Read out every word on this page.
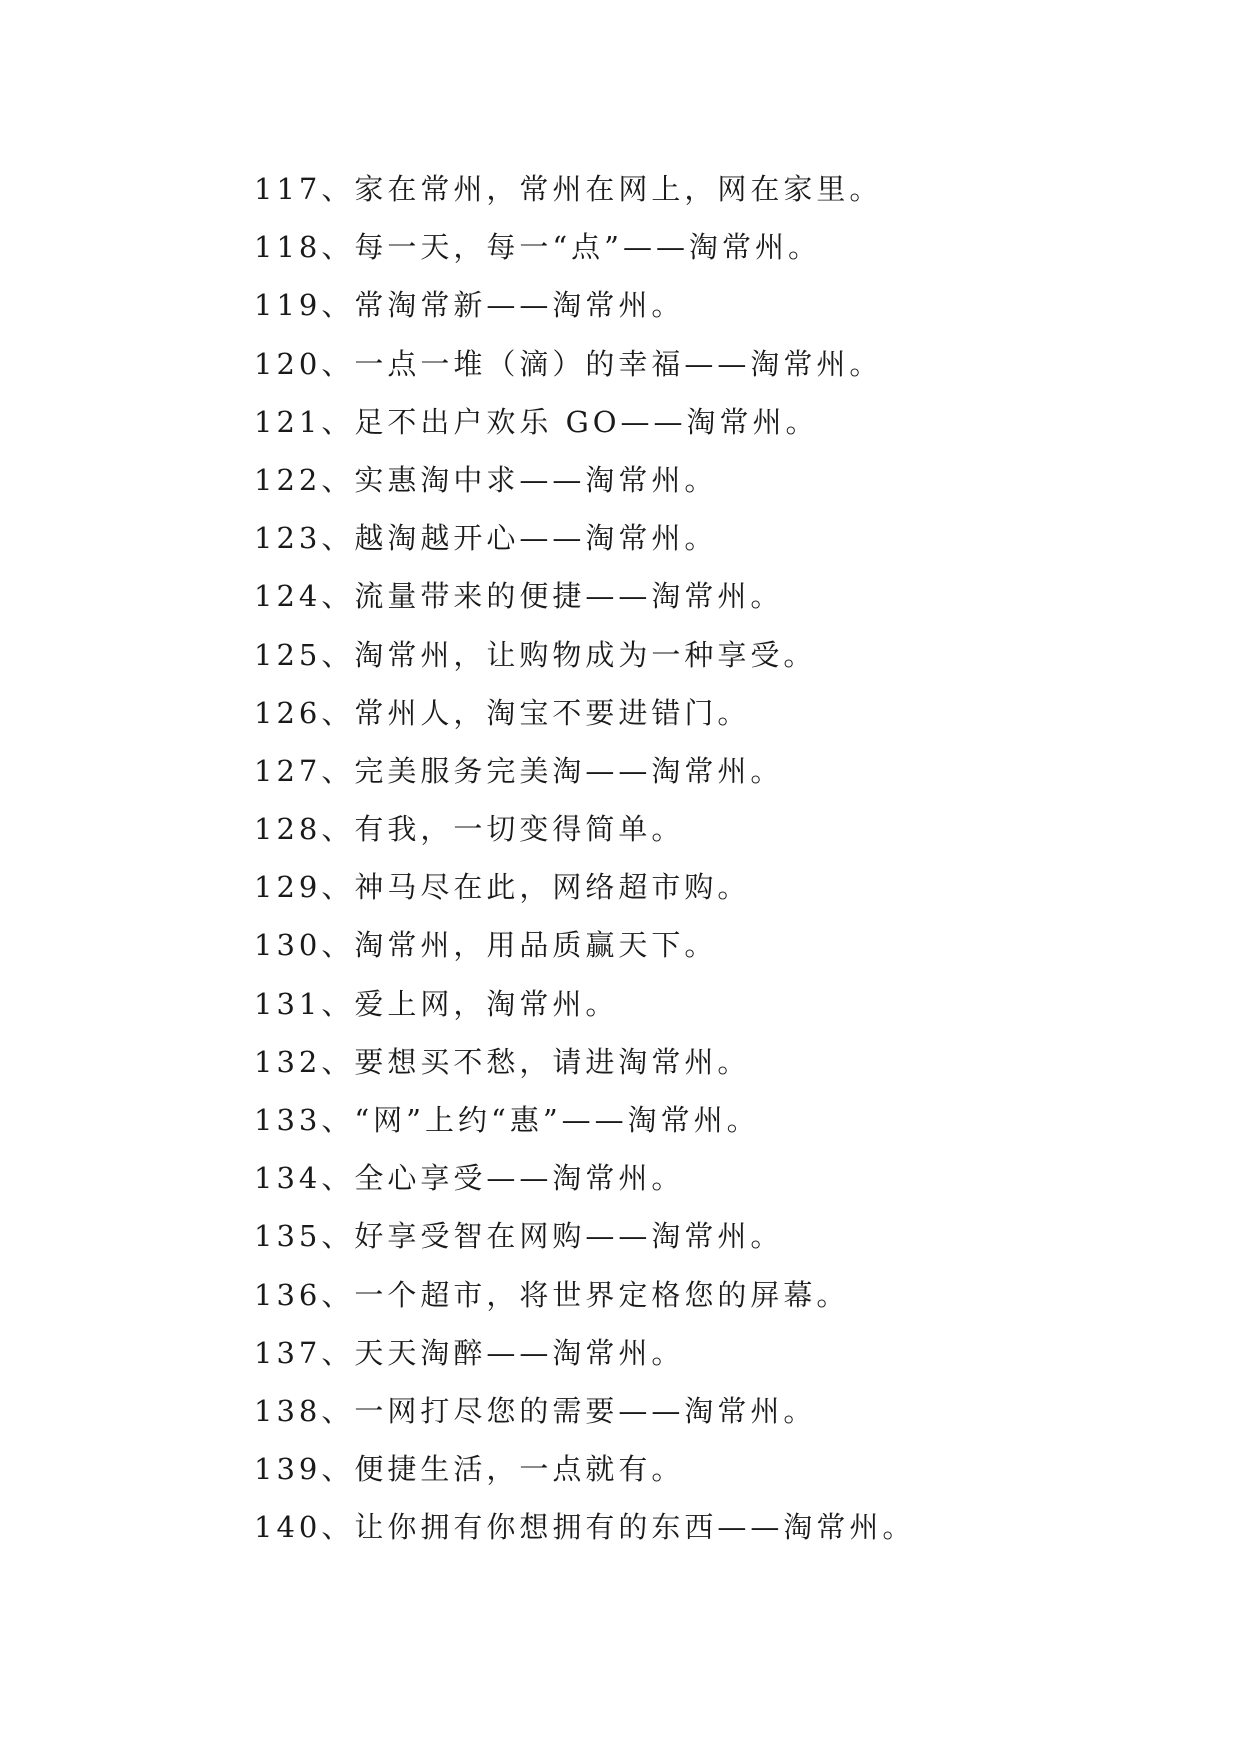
117、家在常州，常州在网上，网在家里。
118、每一天，每一“点”——淘常州。
119、常淘常新——淘常州。
120、一点一堆（滴）的幸福——淘常州。
121、足不出户欢乐 GO——淘常州。
122、实惠淘中求——淘常州。
123、越淘越开心——淘常州。
124、流量带来的便捷——淘常州。
125、淘常州，让购物成为一种享受。
126、常州人，淘宝不要进错门。
127、完美服务完美淘——淘常州。
128、有我，一切变得简单。
129、神马尽在此，网络超市购。
130、淘常州，用品质赢天下。
131、爱上网，淘常州。
132、要想买不愁，请进淘常州。
133、“网”上约“惠”——淘常州。
134、全心享受——淘常州。
135、好享受智在网购——淘常州。
136、一个超市，将世界定格您的屏幕。
137、天天淘醉——淘常州。
138、一网打尽您的需要——淘常州。
139、便捷生活，一点就有。
140、让你拥有你想拥有的东西——淘常州。
